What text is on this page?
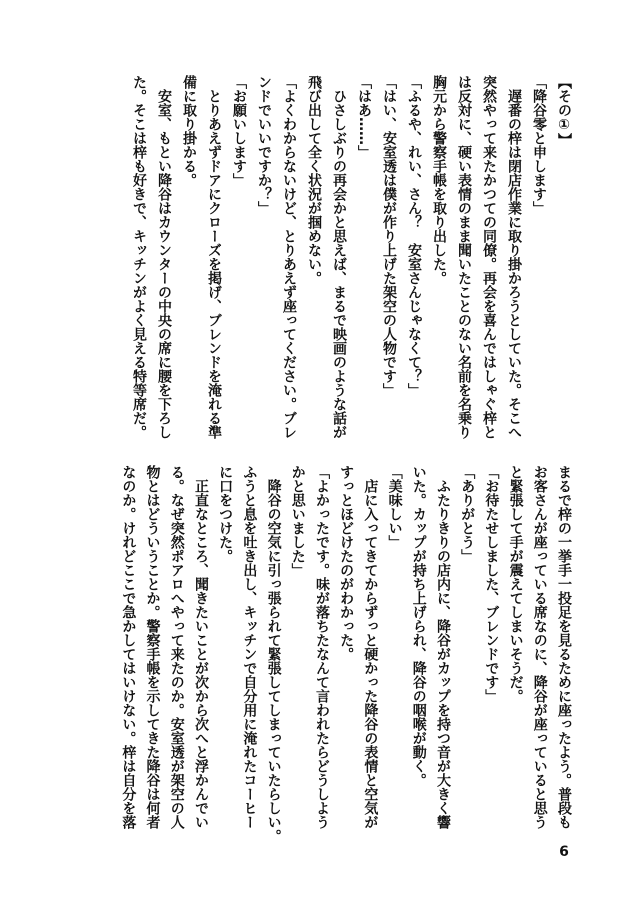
【その①】
「降谷零と申します」
　遅番の梓は閉店作業に取り掛かろうとしていた。そこへ
突然やって来たかつての同僚。再会を喜んではしゃぐ梓と
は反対に、硬い表情のまま聞いたことのない名前を名乗り
胸元から警察手帳を取り出した。
「ふるや、れい、さん？　安室さんじゃなくて？」
「はい、安室透は僕が作り上げた架空の人物です」
「はあ……」
　ひさしぶりの再会かと思えば、まるで映画のような話が
飛び出して全く状況が掴めない。
「よくわからないけど、とりあえず座ってください。ブレ
ンドでいいですか？」
「お願いします」
　とりあえずドアにクローズを掲げ、ブレンドを淹れる準
備に取り掛かる。
　安室、もとい降谷はカウンターの中央の席に腰を下ろし
た。そこは梓も好きで、キッチンがよく見える特等席だ。
まるで梓の一挙手一投足を見るために座ったよう。普段も
お客さんが座っている席なのに、降谷が座っていると思う
と緊張して手が震えてしまいそうだ。
「お待たせしました、ブレンドです」
「ありがとう」
　ふたりきりの店内に、降谷がカップを持つ音が大きく響
いた。カップが持ち上げられ、降谷の咽喉が動く。
「美味しい」
　店に入ってきてからずっと硬かった降谷の表情と空気が
すっとほどけたのがわかった。
「よかったです。味が落ちたなんて言われたらどうしよう
かと思いました」
　降谷の空気に引っ張られて緊張してしまっていたらしい。
ふうと息を吐き出し、キッチンで自分用に淹れたコーヒー
に口をつけた。
　正直なところ、聞きたいことが次から次へと浮かんでい
る。なぜ突然ポアロへやって来たのか。安室透が架空の人
物とはどういうことか。警察手帳を示してきた降谷は何者
なのか。けれどここで急かしてはいけない。梓は自分を落
6
